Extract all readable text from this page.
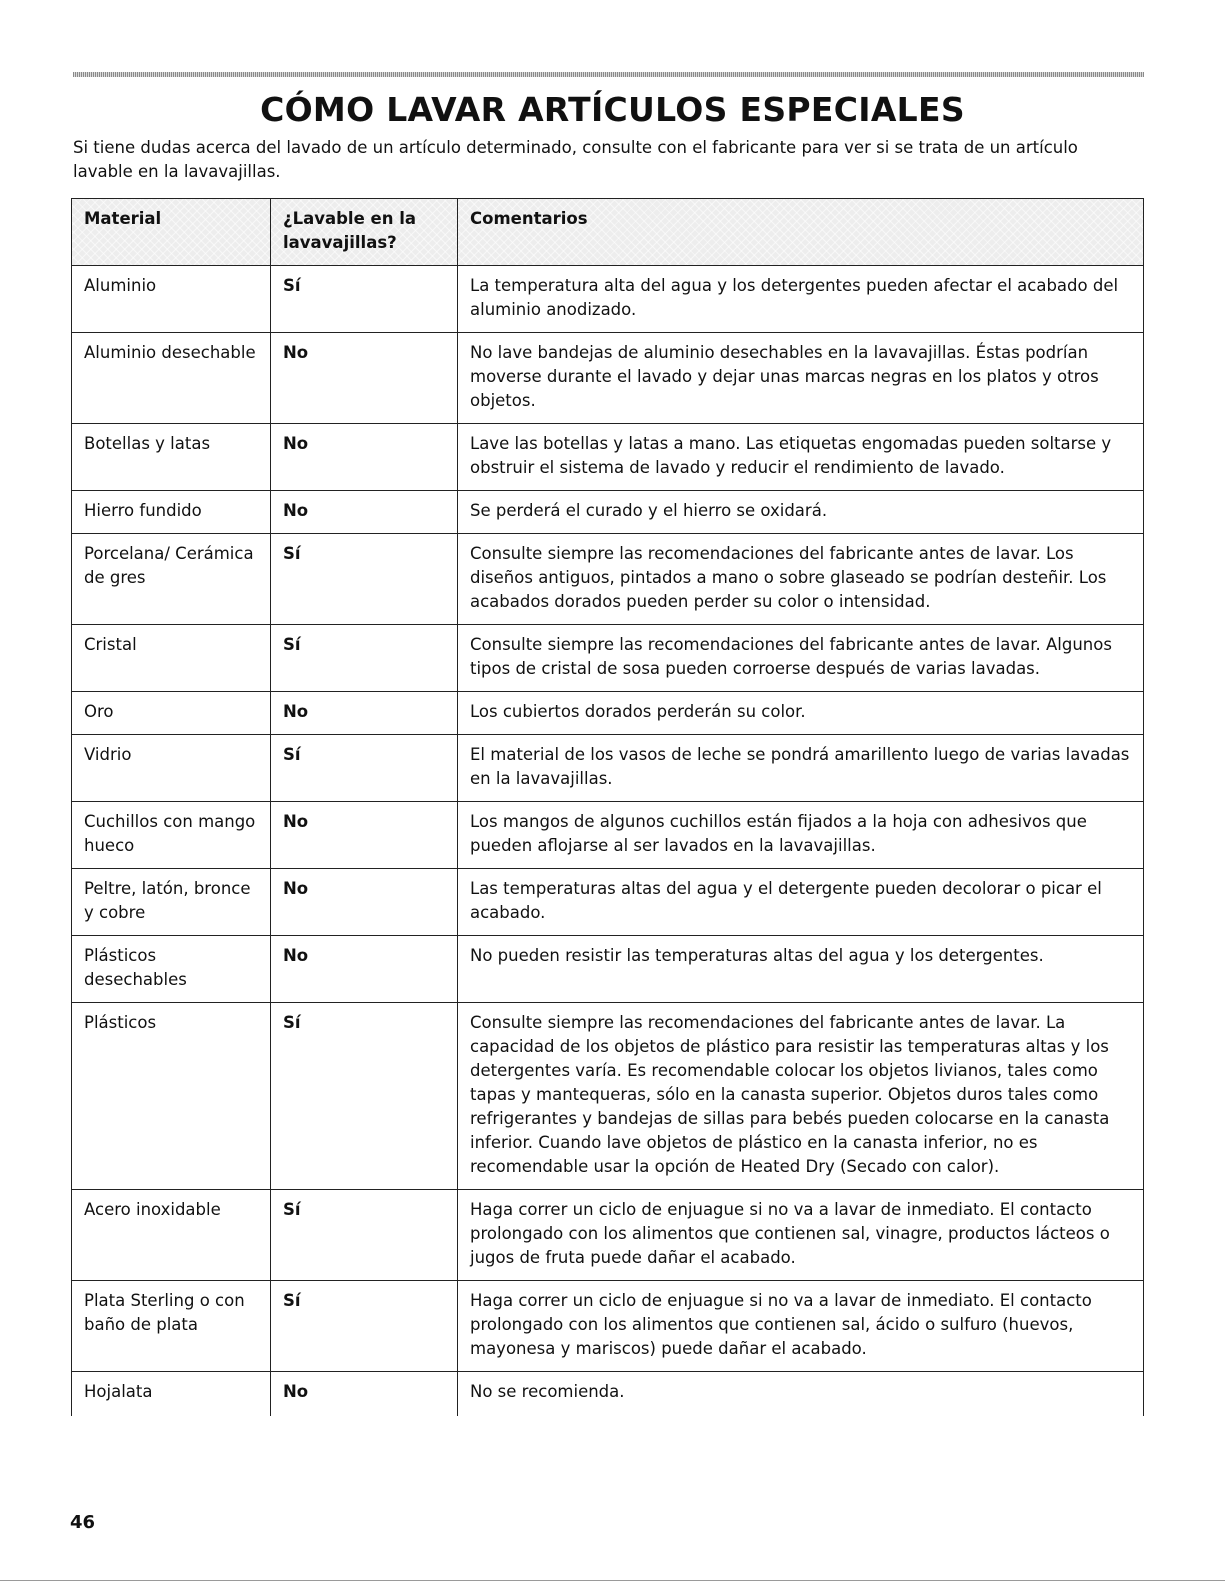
CÓMO LAVAR ARTÍCULOS ESPECIALES

Si tiene dudas acerca del lavado de un artículo determinado, consulte con el fabricante para ver si se trata de un artículo lavable en la lavavajillas.

Material	¿Lavable en la lavavajillas?	Comentarios
Aluminio	Sí	La temperatura alta del agua y los detergentes pueden afectar el acabado del aluminio anodizado.
Aluminio desechable	No	No lave bandejas de aluminio desechables en la lavavajillas. Éstas podrían moverse durante el lavado y dejar unas marcas negras en los platos y otros objetos.
Botellas y latas	No	Lave las botellas y latas a mano. Las etiquetas engomadas pueden soltarse y obstruir el sistema de lavado y reducir el rendimiento de lavado.
Hierro fundido	No	Se perderá el curado y el hierro se oxidará.
Porcelana/ Cerámica de gres	Sí	Consulte siempre las recomendaciones del fabricante antes de lavar. Los diseños antiguos, pintados a mano o sobre glaseado se podrían desteñir. Los acabados dorados pueden perder su color o intensidad.
Cristal	Sí	Consulte siempre las recomendaciones del fabricante antes de lavar. Algunos tipos de cristal de sosa pueden corroerse después de varias lavadas.
Oro	No	Los cubiertos dorados perderán su color.
Vidrio	Sí	El material de los vasos de leche se pondrá amarillento luego de varias lavadas en la lavavajillas.
Cuchillos con mango hueco	No	Los mangos de algunos cuchillos están fijados a la hoja con adhesivos que pueden aflojarse al ser lavados en la lavavajillas.
Peltre, latón, bronce y cobre	No	Las temperaturas altas del agua y el detergente pueden decolorar o picar el acabado.
Plásticos desechables	No	No pueden resistir las temperaturas altas del agua y los detergentes.
Plásticos	Sí	Consulte siempre las recomendaciones del fabricante antes de lavar. La capacidad de los objetos de plástico para resistir las temperaturas altas y los detergentes varía. Es recomendable colocar los objetos livianos, tales como tapas y mantequeras, sólo en la canasta superior. Objetos duros tales como refrigerantes y bandejas de sillas para bebés pueden colocarse en la canasta inferior. Cuando lave objetos de plástico en la canasta inferior, no es recomendable usar la opción de Heated Dry (Secado con calor).
Acero inoxidable	Sí	Haga correr un ciclo de enjuague si no va a lavar de inmediato. El contacto prolongado con los alimentos que contienen sal, vinagre, productos lácteos o jugos de fruta puede dañar el acabado.
Plata Sterling o con baño de plata	Sí	Haga correr un ciclo de enjuague si no va a lavar de inmediato. El contacto prolongado con los alimentos que contienen sal, ácido o sulfuro (huevos, mayonesa y mariscos) puede dañar el acabado.
Hojalata	No	No se recomienda.

46
